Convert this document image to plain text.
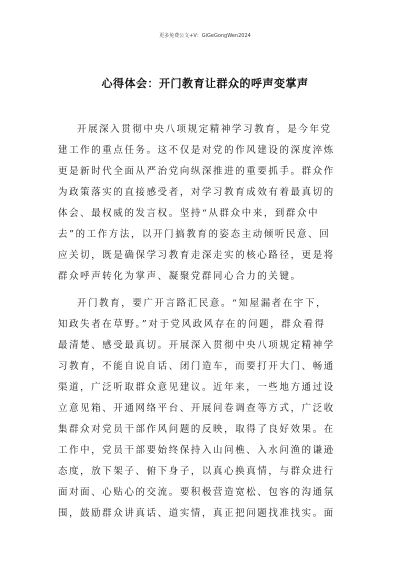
更多免费公文+V：GiGeGongWen2024
心得体会：开门教育让群众的呼声变掌声
开展深入贯彻中央八项规定精神学习教育，是今年党
建工作的重点任务。这不仅是对党的作风建设的深度淬炼
更是新时代全面从严治党向纵深推进的重要抓手。群众作
为政策落实的直接感受者，对学习教育成效有着最真切的
体会、最权威的发言权。坚持“从群众中来，到群众中
去”的工作方法，以开门搞教育的姿态主动倾听民意、回
应关切，既是确保学习教育走深走实的核心路径，更是将
群众呼声转化为掌声、凝聚党群同心合力的关键。
开门教育，要广开言路汇民意。“知屋漏者在宇下，
知政失者在草野。”对于党风政风存在的问题，群众看得
最清楚、感受最真切。开展深入贯彻中央八项规定精神学
习教育，不能自说自话、闭门造车，而要打开大门、畅通
渠道，广泛听取群众意见建议。近年来，一些地方通过设
立意见箱、开通网络平台、开展问卷调查等方式，广泛收
集群众对党员干部作风问题的反映，取得了良好效果。在
工作中，党员干部要始终保持入山问樵、入水问渔的谦逊
态度，放下架子、俯下身子，以真心换真情，与群众进行
面对面、心贴心的交流。要积极营造宽松、包容的沟通氛
围，鼓励群众讲真话、道实情，真正把问题找准找实。面
